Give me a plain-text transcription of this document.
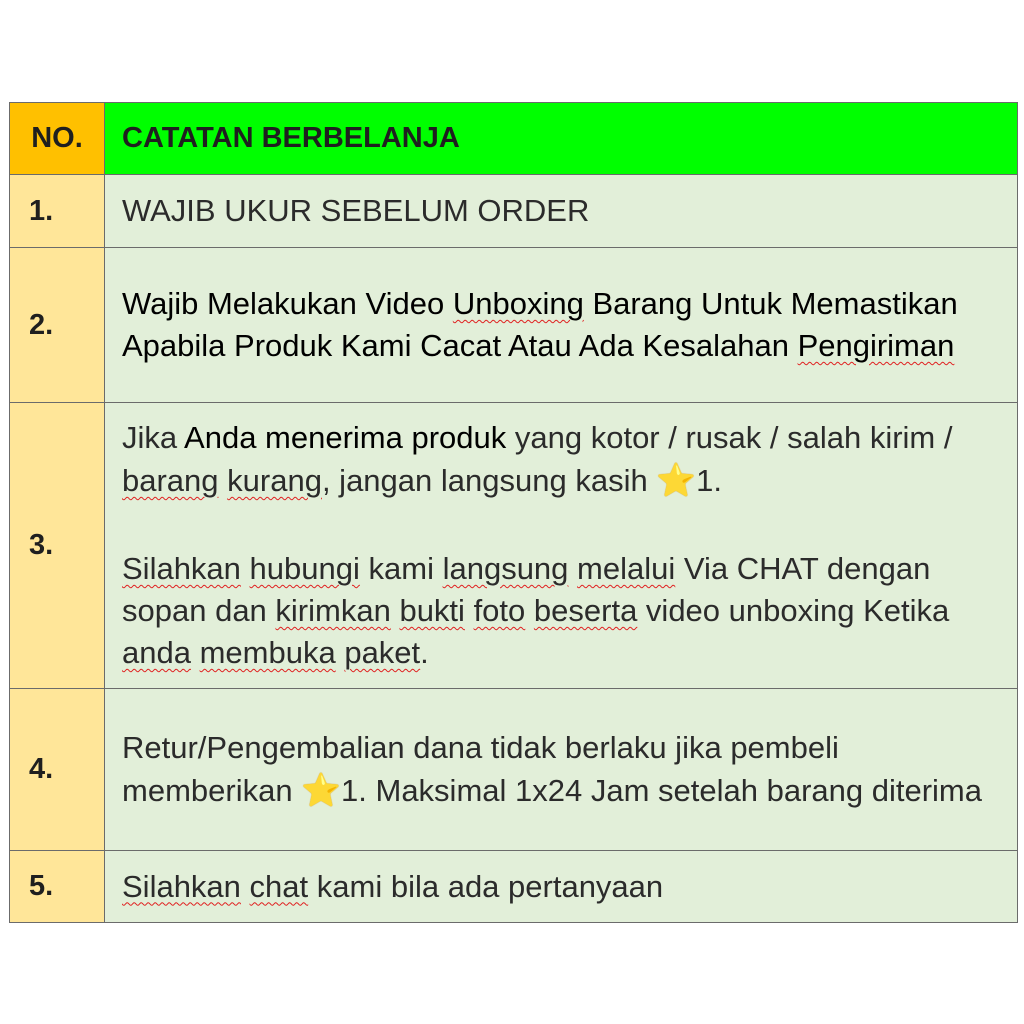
NO.	CATATAN BERBELANJA
1.	WAJIB UKUR SEBELUM ORDER
2.	Wajib Melakukan Video Unboxing Barang Untuk Memastikan Apabila Produk Kami Cacat Atau Ada Kesalahan Pengiriman
3.	Jika Anda menerima produk yang kotor / rusak / salah kirim / barang kurang, jangan langsung kasih ⭐1.
Silahkan hubungi kami langsung melalui Via CHAT dengan sopan dan kirimkan bukti foto beserta video unboxing Ketika anda membuka paket.

4.	Retur/Pengembalian dana tidak berlaku jika pembeli memberikan ⭐1. Maksimal 1x24 Jam setelah barang diterima
5.	Silahkan chat kami bila ada pertanyaan
